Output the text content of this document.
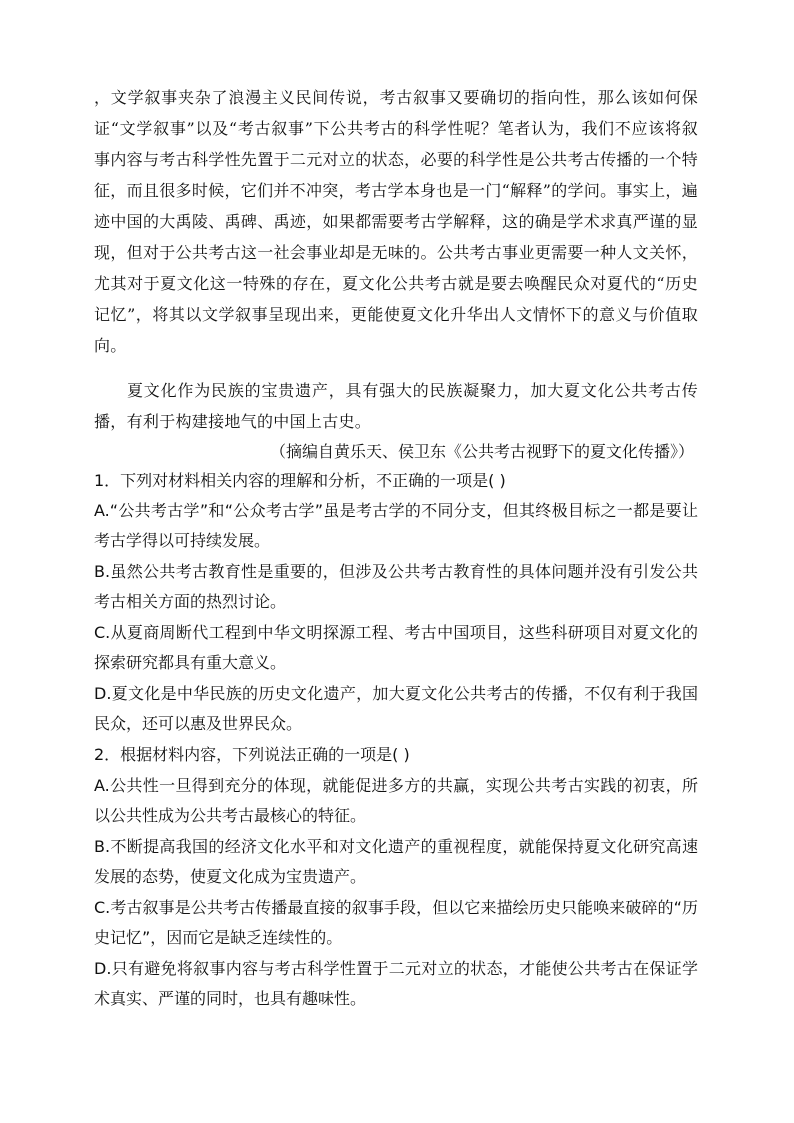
，文学叙事夹杂了浪漫主义民间传说，考古叙事又要确切的指向性，那么该如何保证“文学叙事”以及“考古叙事”下公共考古的科学性呢？笔者认为，我们不应该将叙事内容与考古科学性先置于二元对立的状态，必要的科学性是公共考古传播的一个特征，而且很多时候，它们并不冲突，考古学本身也是一门“解释”的学问。事实上，遍迹中国的大禹陵、禹碑、禹迹，如果都需要考古学解释，这的确是学术求真严谨的显现，但对于公共考古这一社会事业却是无味的。公共考古事业更需要一种人文关怀，尤其对于夏文化这一特殊的存在，夏文化公共考古就是要去唤醒民众对夏代的“历史记忆”，将其以文学叙事呈现出来，更能使夏文化升华出人文情怀下的意义与价值取向。

夏文化作为民族的宝贵遗产，具有强大的民族凝聚力，加大夏文化公共考古传播，有利于构建接地气的中国上古史。

（摘编自黄乐天、侯卫东《公共考古视野下的夏文化传播》）

1．下列对材料相关内容的理解和分析，不正确的一项是( )

A.“公共考古学”和“公众考古学”虽是考古学的不同分支，但其终极目标之一都是要让考古学得以可持续发展。

B.虽然公共考古教育性是重要的，但涉及公共考古教育性的具体问题并没有引发公共考古相关方面的热烈讨论。

C.从夏商周断代工程到中华文明探源工程、考古中国项目，这些科研项目对夏文化的探索研究都具有重大意义。

D.夏文化是中华民族的历史文化遗产，加大夏文化公共考古的传播，不仅有利于我国民众，还可以惠及世界民众。

2．根据材料内容，下列说法正确的一项是( )

A.公共性一旦得到充分的体现，就能促进多方的共赢，实现公共考古实践的初衷，所以公共性成为公共考古最核心的特征。

B.不断提高我国的经济文化水平和对文化遗产的重视程度，就能保持夏文化研究高速发展的态势，使夏文化成为宝贵遗产。

C.考古叙事是公共考古传播最直接的叙事手段，但以它来描绘历史只能唤来破碎的“历史记忆”，因而它是缺乏连续性的。

D.只有避免将叙事内容与考古科学性置于二元对立的状态，才能使公共考古在保证学术真实、严谨的同时，也具有趣味性。
